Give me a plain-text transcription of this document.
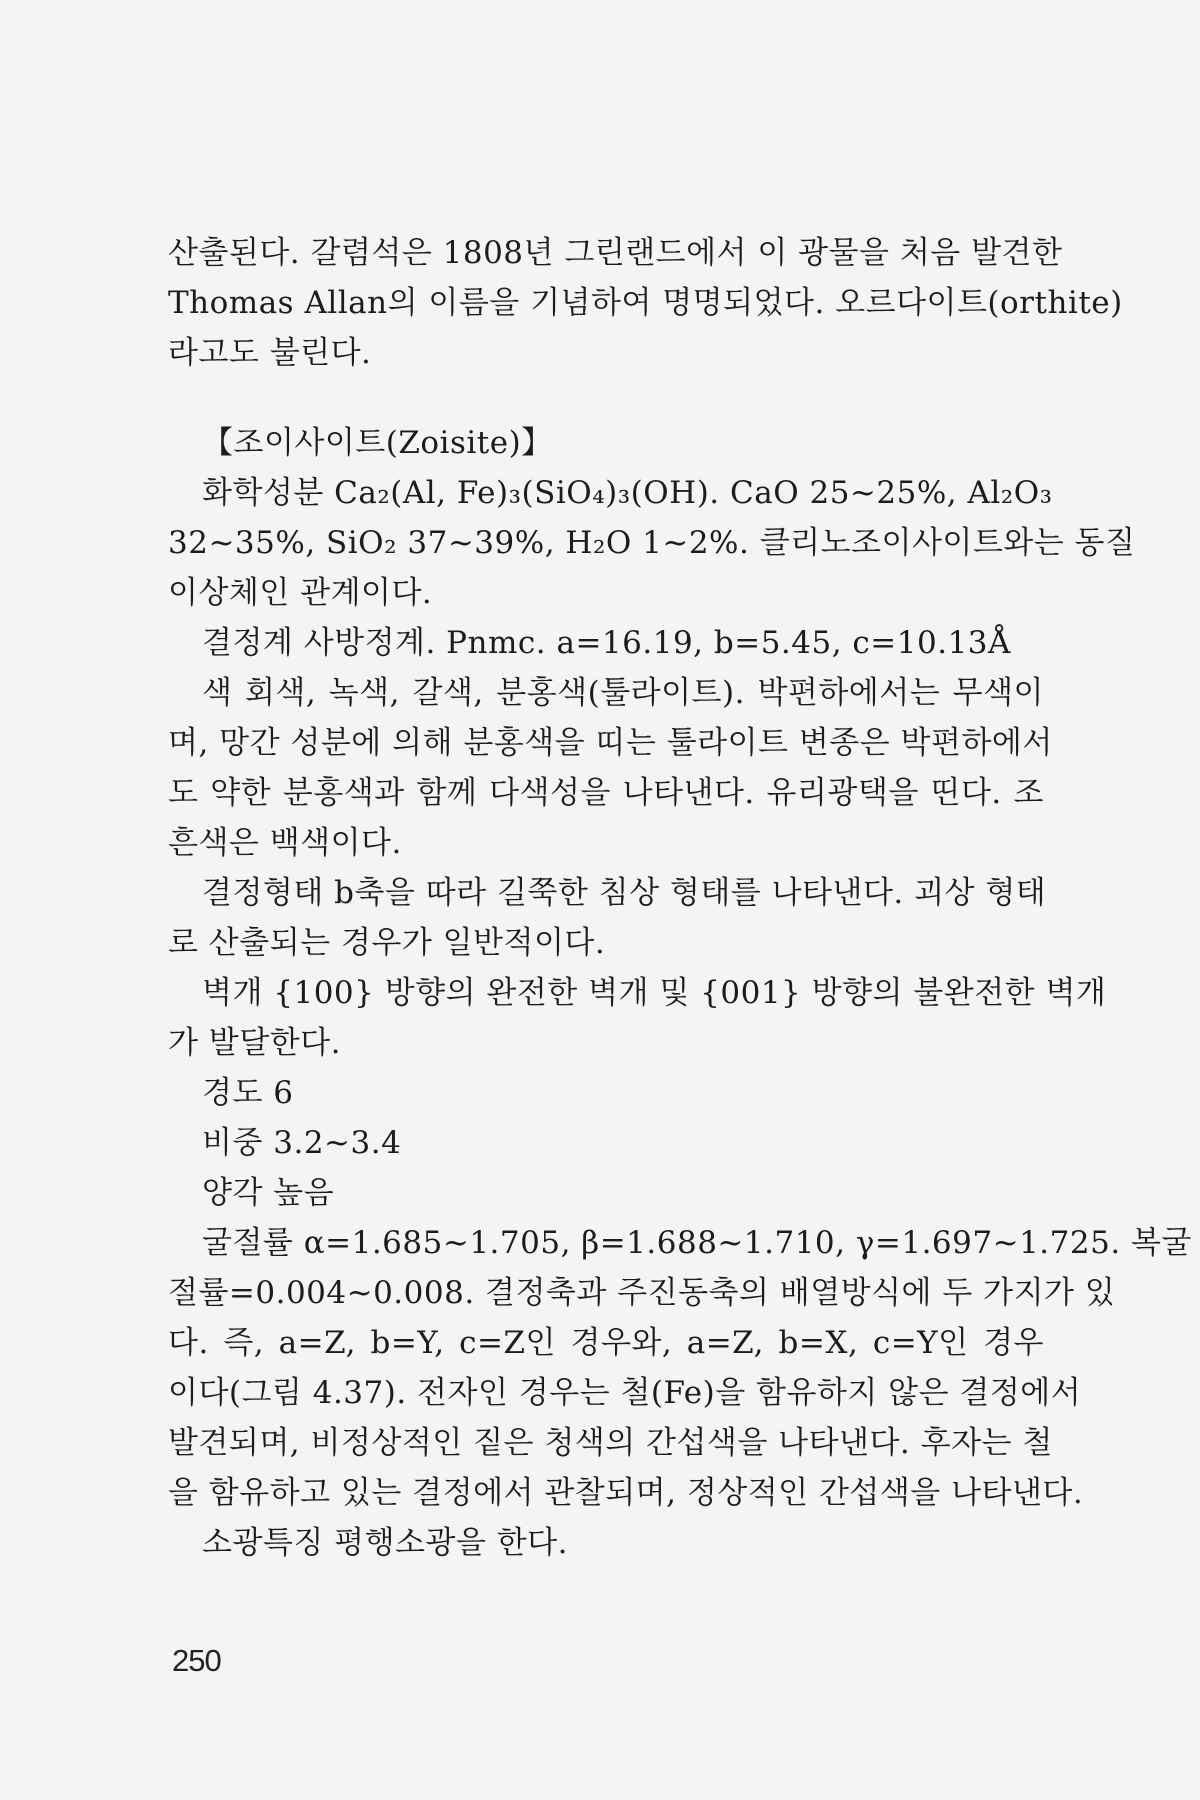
산출된다. 갈렴석은 1808년 그린랜드에서 이 광물을 처음 발견한
Thomas Allan의 이름을 기념하여 명명되었다. 오르다이트(orthite)
라고도 불린다.
【조이사이트(Zoisite)】
화학성분 Ca₂(Al, Fe)₃(SiO₄)₃(OH). CaO 25~25%, Al₂O₃
32~35%, SiO₂ 37~39%, H₂O 1~2%. 클리노조이사이트와는 동질
이상체인 관계이다.
결정계 사방정계. Pnmc. a=16.19, b=5.45, c=10.13Å
색 회색, 녹색, 갈색, 분홍색(툴라이트). 박편하에서는 무색이
며, 망간 성분에 의해 분홍색을 띠는 툴라이트 변종은 박편하에서
도 약한 분홍색과 함께 다색성을 나타낸다. 유리광택을 띤다. 조
흔색은 백색이다.
결정형태 b축을 따라 길쭉한 침상 형태를 나타낸다. 괴상 형태
로 산출되는 경우가 일반적이다.
벽개 {100} 방향의 완전한 벽개 및 {001} 방향의 불완전한 벽개
가 발달한다.
경도 6
비중 3.2~3.4
양각 높음
굴절률 α=1.685~1.705, β=1.688~1.710, γ=1.697~1.725. 복굴
절률=0.004~0.008. 결정축과 주진동축의 배열방식에 두 가지가 있
다. 즉, a=Z, b=Y, c=Z인 경우와, a=Z, b=X, c=Y인 경우
이다(그림 4.37). 전자인 경우는 철(Fe)을 함유하지 않은 결정에서
발견되며, 비정상적인 짙은 청색의 간섭색을 나타낸다. 후자는 철
을 함유하고 있는 결정에서 관찰되며, 정상적인 간섭색을 나타낸다.
소광특징 평행소광을 한다.
250
